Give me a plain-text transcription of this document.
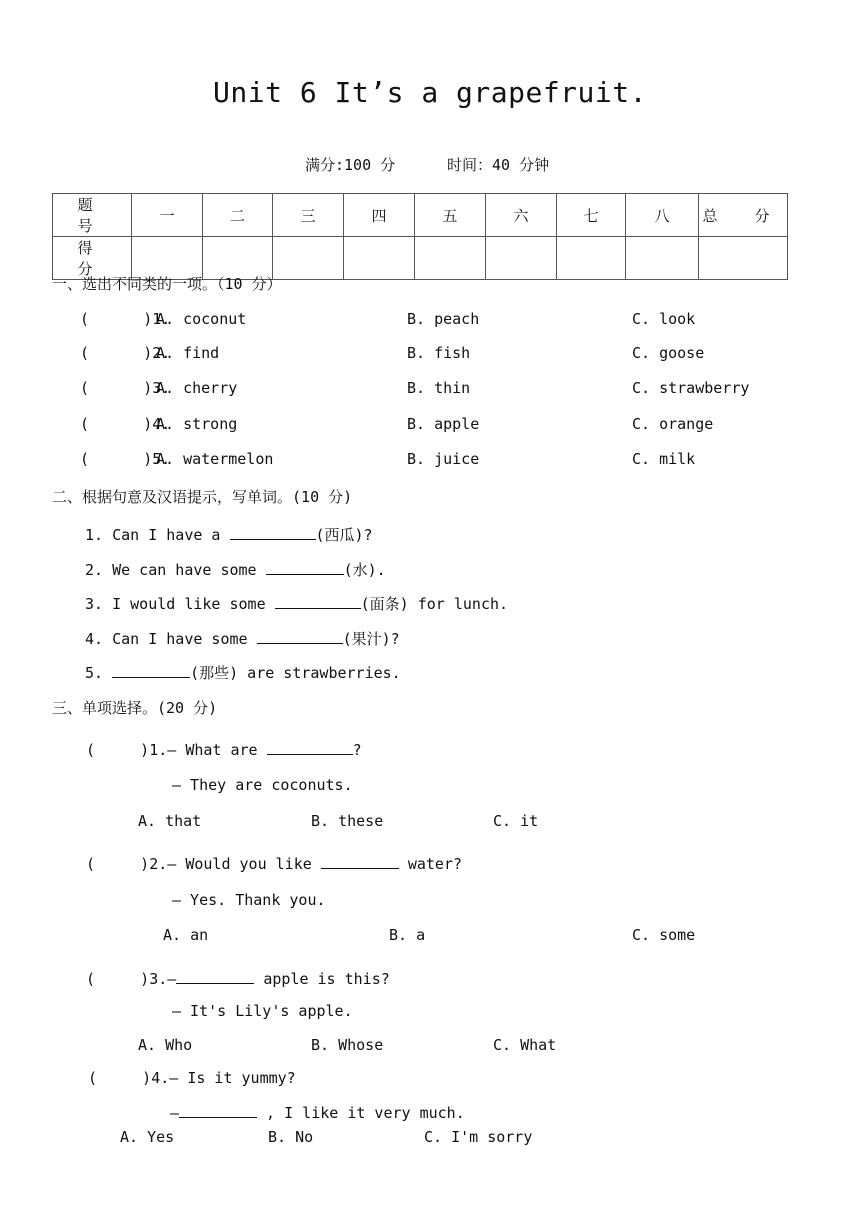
Unit 6 It’s a grapefruit.
满分:100 分	时间：40 分钟
题 号	一	二	三	四	五	六	七	八	总 分
得 分									
一、选出不同类的一项。（10 分）
(      )1.
A. coconut	B. peach	C. look
(      )2.
A. find	B. fish	C. goose
(      )3.
A. cherry	B. thin	C. strawberry
(      )4.
A. strong	B. apple	C. orange
(      )5.
A. watermelon	B. juice	C. milk
二、根据句意及汉语提示，写单词。(10 分)
1. Can I have a	(西瓜)?
2. We can have some	(水).
3. I would like some	(面条) for lunch.
4. Can I have some	(果汁)?
5.	(那些) are strawberries.
三、单项选择。(20 分)
(     )1.— What are	?
— They are coconuts.
A. that	B. these	C. it
(     )2.— Would you like	water?
— Yes. Thank you.
A. an	B. a	C. some
(     )3.—	apple is this?
— It's Lily's apple.
A. Who	B. Whose	C. What
(     )4.— Is it yummy?
—	, I like it very much.
A. Yes	B. No	C. I'm sorry
